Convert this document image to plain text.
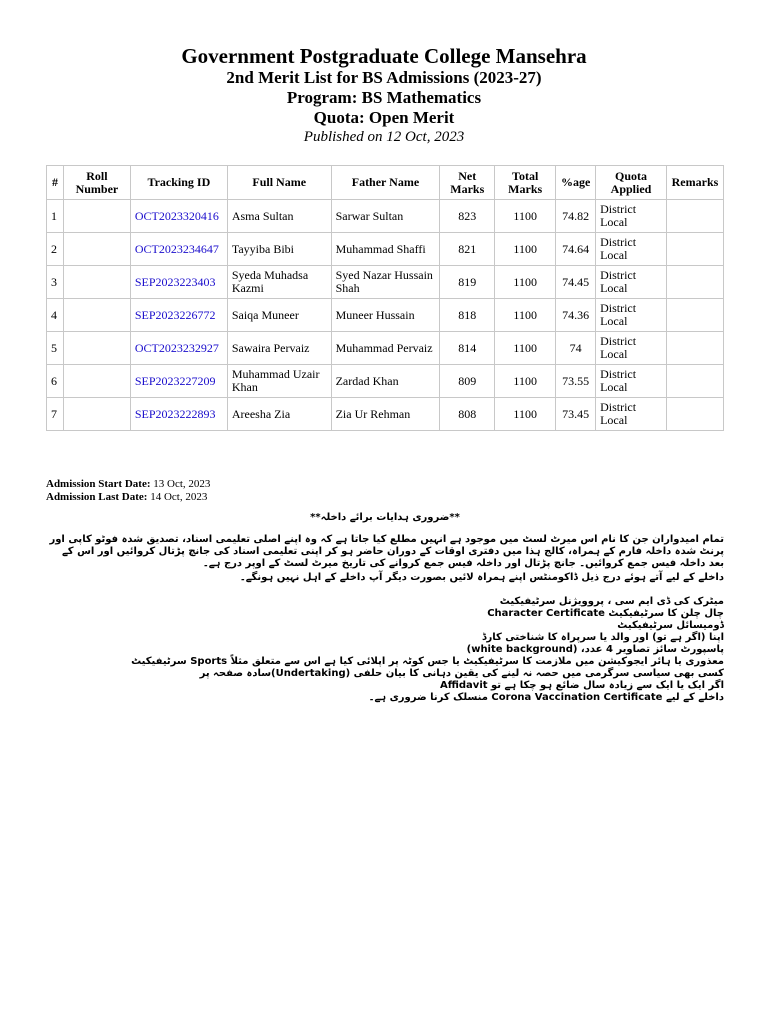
Government Postgraduate College Mansehra
2nd Merit List for BS Admissions (2023-27)
Program: BS Mathematics
Quota: Open Merit
Published on 12 Oct, 2023
#	Roll Number	Tracking ID	Full Name	Father Name	Net Marks	Total Marks	%age	Quota Applied	Remarks
1		OCT2023320416	Asma Sultan	Sarwar Sultan	823	1100	74.82	District Local	
2		OCT2023234647	Tayyiba Bibi	Muhammad Shaffi	821	1100	74.64	District Local	
3		SEP2023223403	Syeda Muhadsa Kazmi	Syed Nazar Hussain Shah	819	1100	74.45	District Local	
4		SEP2023226772	Saiqa Muneer	Muneer Hussain	818	1100	74.36	District Local	
5		OCT2023232927	Sawaira Pervaiz	Muhammad Pervaiz	814	1100	74	District Local	
6		SEP2023227209	Muhammad Uzair Khan	Zardad Khan	809	1100	73.55	District Local	
7		SEP2023222893	Areesha Zia	Zia Ur Rehman	808	1100	73.45	District Local	
Admission Start Date: 13 Oct, 2023
Admission Last Date: 14 Oct, 2023
**ضروری ہدایات برائے داخلہ**
تمام امیدواران جن کا نام اس میرٹ لسٹ میں موجود ہے انہیں مطلع کیا جاتا ہے کہ وہ اپنے اصلی تعلیمی اسناد، تصدیق شدہ فوٹو کاپی اور پرنٹ شدہ داخلہ فارم کے ہمراہ، کالج ہذا میں دفتری اوقات کے دوران حاضر ہو کر اپنی تعلیمی اسناد کی جانچ پڑتال کروائیں اور اس کے بعد داخلہ فیس جمع کروائیں۔ جانچ پڑتال اور داخلہ فیس جمع کروانے کی تاریخ میرٹ لسٹ کے اوپر درج ہے۔
داخلے کے لیے آتے ہوئے درج ذیل ڈاکومنٹس اپنے ہمراہ لائیں بصورت دیگر آپ داخلے کے اہل نہیں ہونگے۔
میٹرک کی ڈی ایم سی ، پروویژنل سرٹیفیکیٹ
چال چلن کا سرٹیفیکیٹ Character Certificate
ڈومیسائل سرٹیفیکیٹ
اپنا (اگر ہے تو) اور والد یا سرپراہ کا شناختی کارڈ
پاسپورٹ سائز تصاویر 4 عدد، (white background)
معذوری یا ہائر ایجوکیشن میں ملازمت کا سرٹیفیکیٹ یا جس کوٹہ پر اپلائی کیا ہے اس سے متعلق مثلاً Sports سرٹیفیکیٹ
کسی بھی سیاسی سرگرمی میں حصہ نہ لینے کی یقین دہانی کا بیان حلفی (Undertaking)سادہ صفحہ پر
اگر ایک یا ایک سے زیادہ سال ضائع ہو چکا ہے تو Affidavit
داخلے کے لیے Corona Vaccination Certificate منسلک کرنا ضروری ہے۔
